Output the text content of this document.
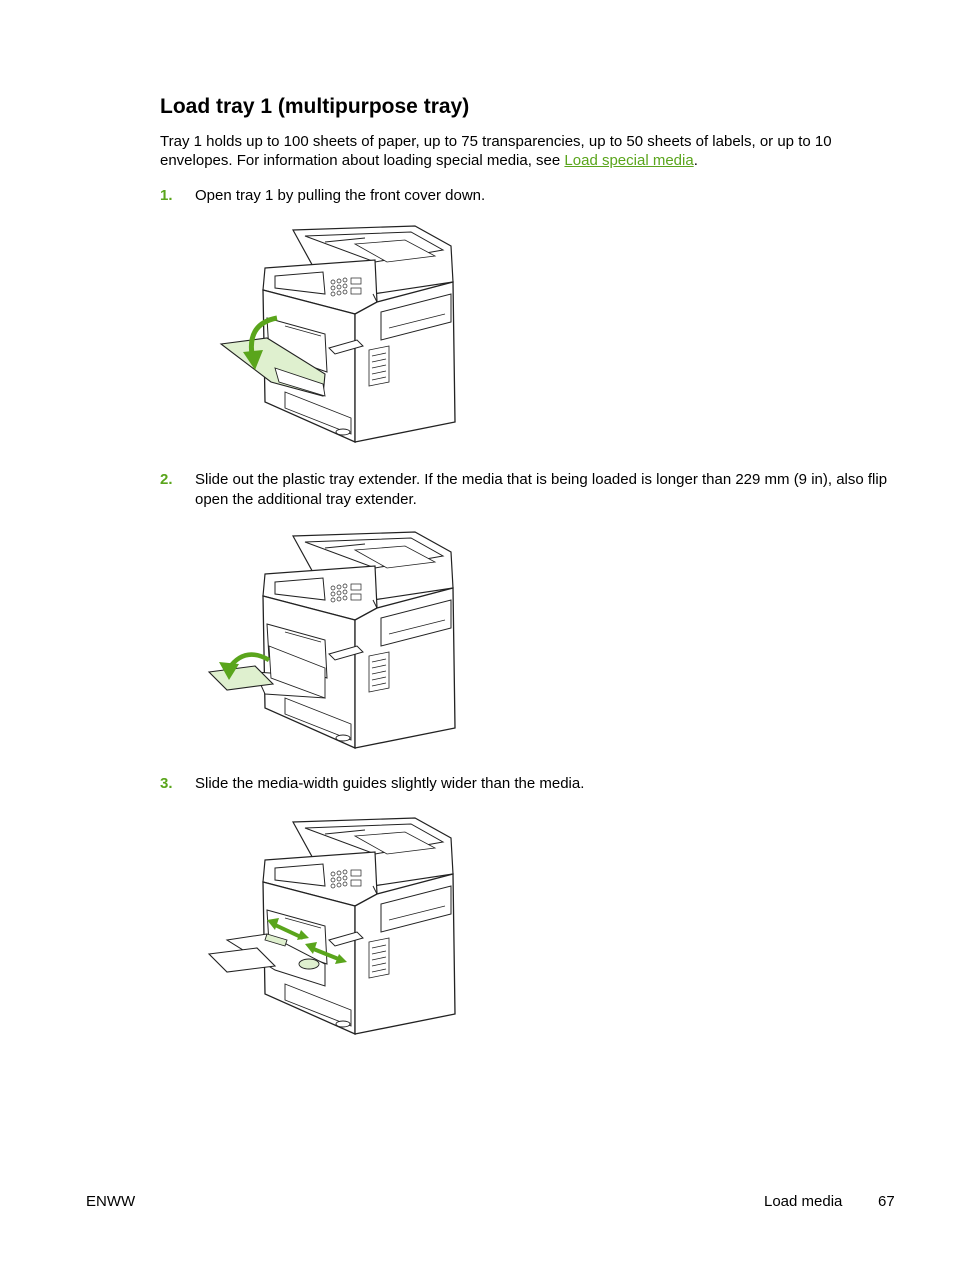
Load tray 1 (multipurpose tray)

Tray 1 holds up to 100 sheets of paper, up to 75 transparencies, up to 50 sheets of labels, or up to 10 envelopes. For information about loading special media, see Load special media.

1. Open tray 1 by pulling the front cover down.
2. Slide out the plastic tray extender. If the media that is being loaded is longer than 229 mm (9 in), also flip open the additional tray extender.
3. Slide the media-width guides slightly wider than the media.
ENWW	Load media 67
